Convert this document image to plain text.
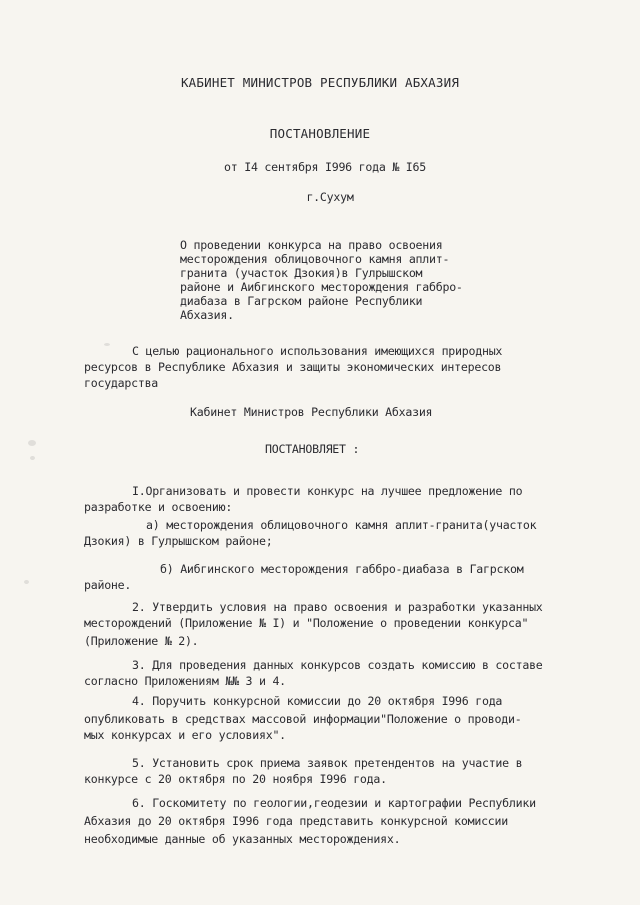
КАБИНЕТ МИНИСТРОВ РЕСПУБЛИКИ АБХАЗИЯ
ПОСТАНОВЛЕНИЕ
от I4 сентября I996 года № I65
г.Сухум
О проведении конкурса на право освоения
месторождения облицовочного камня аплит-
гранита (участок Дзокия)в Гулрышском
районе и Аибгинского месторождения габбро-
диабаза в Гагрском районе Республики
Абхазия.
С целью рационального использования имеющихся природных
ресурсов в Республике Абхазия и защиты экономических интересов
государства
Кабинет Министров Республики Абхазия
ПОСТАНОВЛЯЕТ :
I.Организовать и провести конкурс на лучшее предложение по
разработке и освоению:
а) месторождения облицовочного камня аплит-гранита(участок
Дзокия) в Гулрышском районе;
б) Аибгинского месторождения габбро-диабаза в Гагрском
районе.
2. Утвердить условия на право освоения и разработки указанных
месторождений (Приложение № I) и "Положение о проведении конкурса"
(Приложение № 2).
3. Для проведения данных конкурсов создать комиссию в составе
согласно Приложениям №№ 3 и 4.
4. Поручить конкурсной комиссии до 20 октября I996 года
опубликовать в средствах массовой информации"Положение о проводи-
мых конкурсах и его условиях".
5. Установить срок приема заявок претендентов на участие в
конкурсе с 20 октября по 20 ноября I996 года.
6. Госкомитету по геологии,геодезии и картографии Республики
Абхазия до 20 октября I996 года представить конкурсной комиссии
необходимые данные об указанных месторождениях.
